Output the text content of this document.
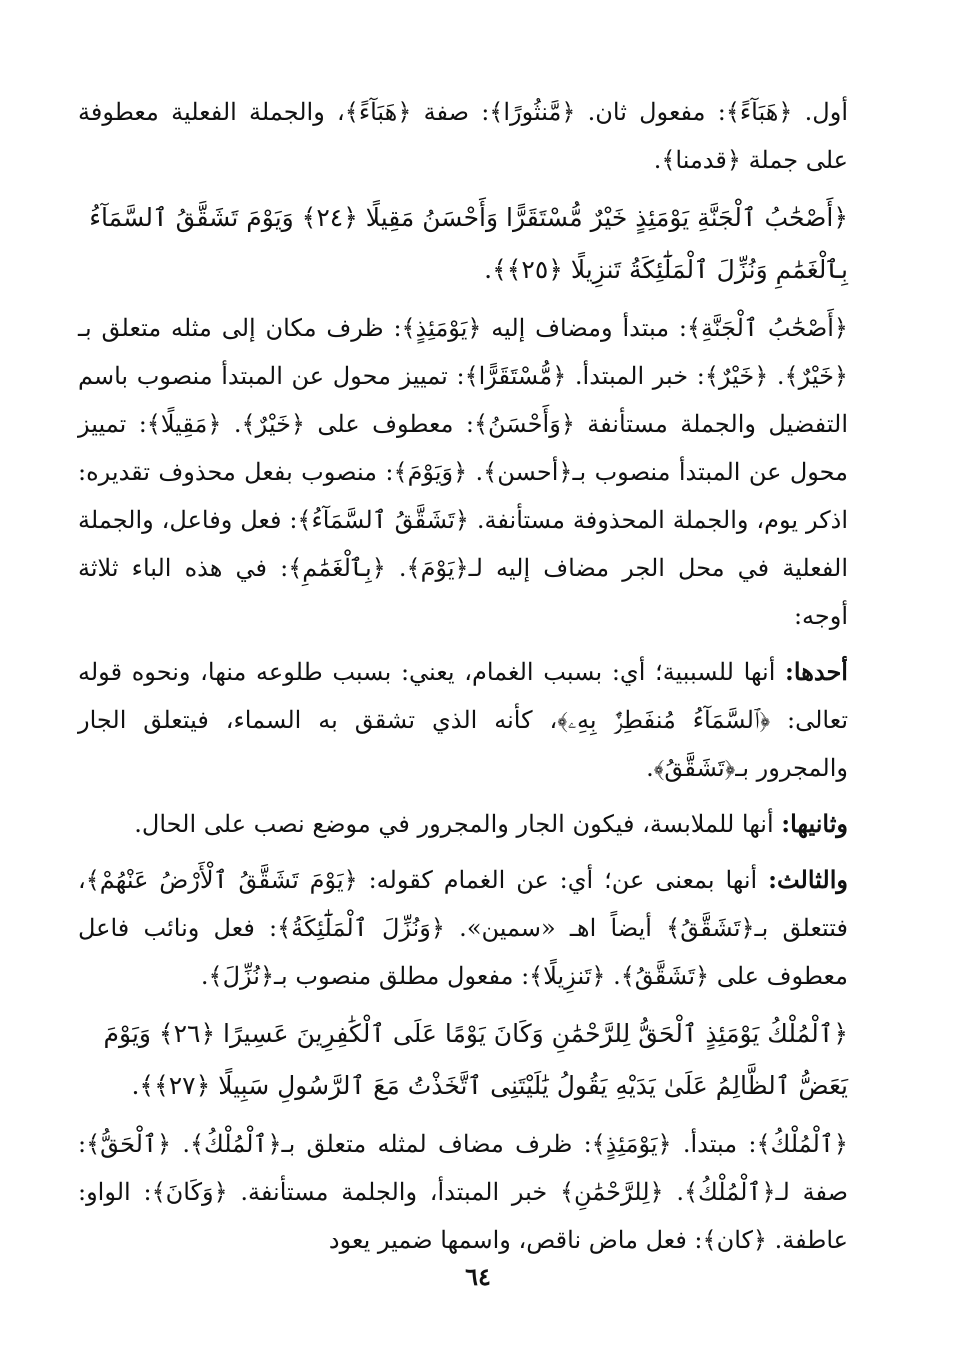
أول. ﴿هَبَآءً﴾: مفعول ثان. ﴿مَّنثُورًا﴾: صفة ﴿هَبَآءً﴾، والجملة الفعلية معطوفة على جملة ﴿قدمنا﴾.

﴿أَصْحَٰبُ ٱلْجَنَّةِ يَوْمَئِذٍ خَيْرٌ مُّسْتَقَرًّا وَأَحْسَنُ مَقِيلًا ﴿٢٤﴾ وَيَوْمَ تَشَقَّقُ ٱلسَّمَآءُ بِٱلْغَمَٰمِ وَنُزِّلَ ٱلْمَلَٰٓئِكَةُ تَنزِيلًا ﴿٢٥﴾﴾.

﴿أَصْحَٰبُ ٱلْجَنَّةِ﴾: مبتدأ ومضاف إليه ﴿يَوْمَئِذٍ﴾: ظرف مكان إلى مثله متعلق بـ ﴿خَيْرٌ﴾. ﴿خَيْرٌ﴾: خبر المبتدأ. ﴿مُّسْتَقَرًّا﴾: تمييز محول عن المبتدأ منصوب باسم التفضيل والجملة مستأنفة ﴿وَأَحْسَنُ﴾: معطوف على ﴿خَيْرٌ﴾. ﴿مَقِيلًا﴾: تمييز محول عن المبتدأ منصوب بـ﴿أحسن﴾. ﴿وَيَوْمَ﴾: منصوب بفعل محذوف تقديره: اذكر يوم، والجملة المحذوفة مستأنفة. ﴿تَشَقَّقُ ٱلسَّمَآءُ﴾: فعل وفاعل، والجملة الفعلية في محل الجر مضاف إليه لـ﴿يَوْمَ﴾. ﴿بِٱلْغَمَٰمِ﴾: في هذه الباء ثلاثة أوجه:

أحدها: أنها للسببية؛ أي: بسبب الغمام، يعني: بسبب طلوعه منها، ونحوه قوله تعالى: ﴿ٱلسَّمَآءُ مُنفَطِرٌۢ بِهِۦ﴾، كأنه الذي تشقق به السماء، فيتعلق الجار والمجرور بـ﴿تَشَقَّقُ﴾.

وثانيها: أنها للملابسة، فيكون الجار والمجرور في موضع نصب على الحال.

والثالث: أنها بمعنى عن؛ أي: عن الغمام كقوله: ﴿يَوْمَ تَشَقَّقُ ٱلْأَرْضُ عَنْهُمْ﴾، فتتعلق بـ﴿تَشَقَّقُ﴾ أيضاً اهـ «سمين». ﴿وَنُزِّلَ ٱلْمَلَٰٓئِكَةُ﴾: فعل ونائب فاعل معطوف على ﴿تَشَقَّقُ﴾. ﴿تَنزِيلًا﴾: مفعول مطلق منصوب بـ﴿نُزِّلَ﴾.

﴿ٱلْمُلْكُ يَوْمَئِذٍ ٱلْحَقُّ لِلرَّحْمَٰنِ وَكَانَ يَوْمًا عَلَى ٱلْكَٰفِرِينَ عَسِيرًا ﴿٢٦﴾ وَيَوْمَ يَعَضُّ ٱلظَّالِمُ عَلَىٰ يَدَيْهِ يَقُولُ يَٰلَيْتَنِى ٱتَّخَذْتُ مَعَ ٱلرَّسُولِ سَبِيلًا ﴿٢٧﴾﴾.

﴿ٱلْمُلْكُ﴾: مبتدأ. ﴿يَوْمَئِذٍ﴾: ظرف مضاف لمثله متعلق بـ﴿ٱلْمُلْكُ﴾. ﴿ٱلْحَقُّ﴾: صفة لـ﴿ٱلْمُلْكُ﴾. ﴿لِلرَّحْمَٰنِ﴾ خبر المبتدأ، والجلمة مستأنفة. ﴿وَكَانَ﴾: الواو: عاطفة. ﴿كان﴾: فعل ماض ناقص، واسمها ضمير يعود

٦٤
